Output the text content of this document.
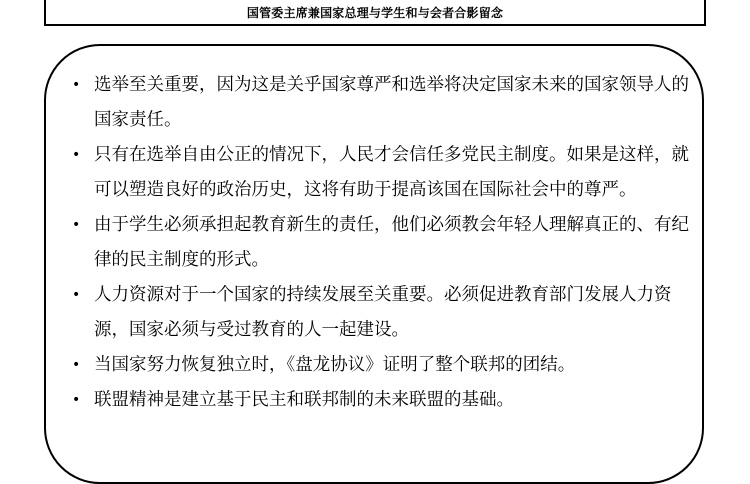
国管委主席兼国家总理与学生和与会者合影留念
• 选举至关重要，因为这是关乎国家尊严和选举将决定国家未来的国家领导人的国家责任。
• 只有在选举自由公正的情况下，人民才会信任多党民主制度。如果是这样，就可以塑造良好的政治历史，这将有助于提高该国在国际社会中的尊严。
• 由于学生必须承担起教育新生的责任，他们必须教会年轻人理解真正的、有纪律的民主制度的形式。
• 人力资源对于一个国家的持续发展至关重要。必须促进教育部门发展人力资源，国家必须与受过教育的人一起建设。
• 当国家努力恢复独立时，《盘龙协议》证明了整个联邦的团结。
• 联盟精神是建立基于民主和联邦制的未来联盟的基础。
